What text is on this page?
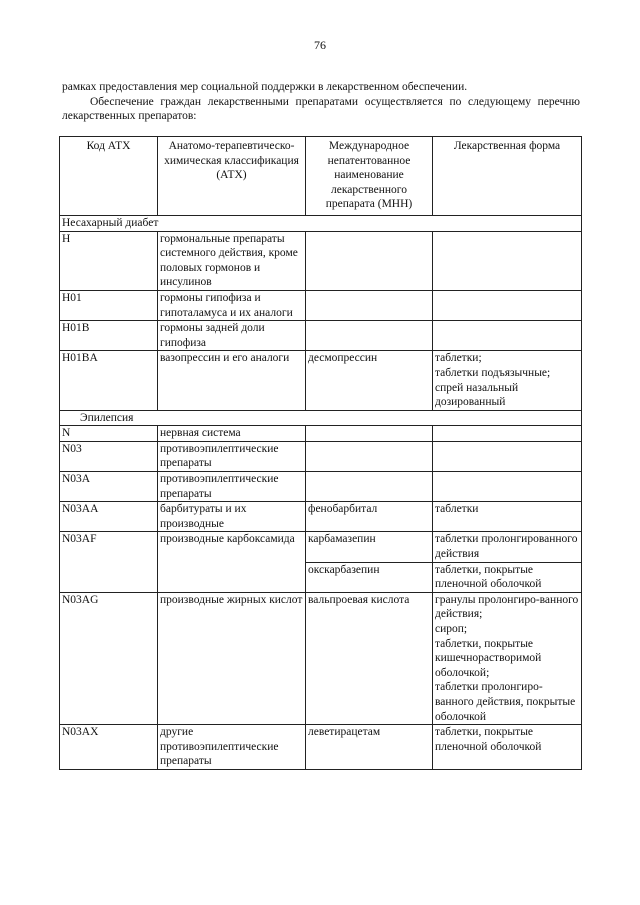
76

рамках предоставления мер социальной поддержки в лекарственном обеспечении.

Обеспечение граждан лекарственными препаратами осуществляется по следующему перечню лекарственных препаратов:

Код АТХ	Анатомо-терапевтическо-химическая классификация (АТХ)	Международное непатентованное наименование лекарственного препарата (МНН)	Лекарственная форма
Несахарный диабет			
H	гормональные препараты системного действия, кроме половых гормонов и инсулинов		
H01	гормоны гипофиза и гипоталамуса и их аналоги		
H01B	гормоны задней доли гипофиза		
H01BA	вазопрессин и его аналоги	десмопрессин	таблетки;
таблетки подъязычные;
спрей назальный дозированный
Эпилепсия			
N	нервная система		
N03	противоэпилептические препараты		
N03A	противоэпилептические препараты		
N03AA	барбитураты и их производные	фенобарбитал	таблетки
N03AF	производные карбоксамида	карбамазепин	таблетки пролонгированного действия
		окскарбазепин	таблетки, покрытые пленочной оболочкой
N03AG	производные жирных кислот	вальпроевая кислота	гранулы пролонгиро-ванного действия;
сироп;
таблетки, покрытые кишечнорастворимой оболочкой;
таблетки пролонгиро-ванного действия, покрытые оболочкой
N03AX	другие противоэпилептические препараты	леветирацетам	таблетки, покрытые пленочной оболочкой
